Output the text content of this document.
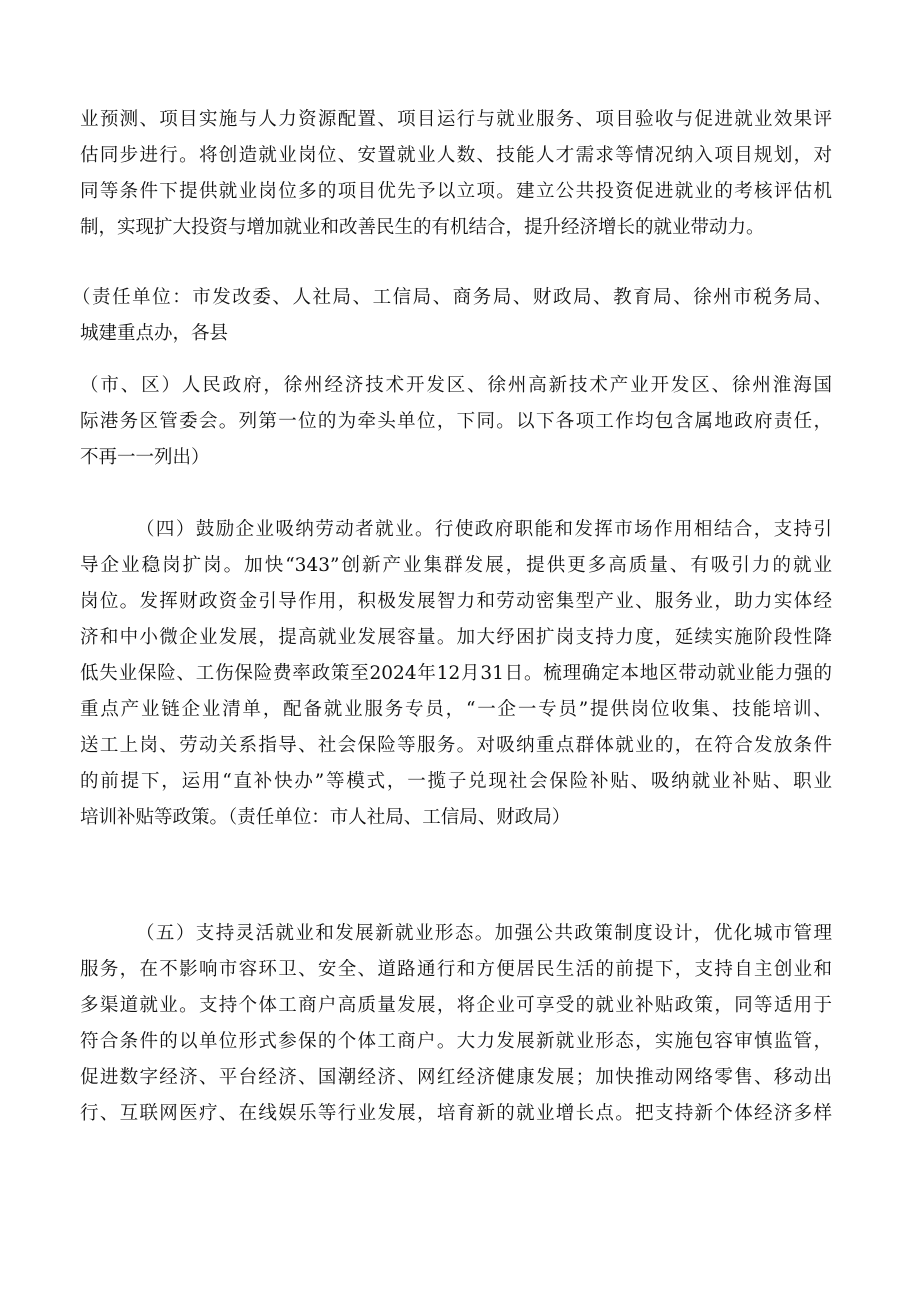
业预测、项目实施与人力资源配置、项目运行与就业服务、项目验收与促进就业效果评
估同步进行。将创造就业岗位、安置就业人数、技能人才需求等情况纳入项目规划，对
同等条件下提供就业岗位多的项目优先予以立项。建立公共投资促进就业的考核评估机
制，实现扩大投资与增加就业和改善民生的有机结合，提升经济增长的就业带动力。
（责任单位：市发改委、人社局、工信局、商务局、财政局、教育局、徐州市税务局、
城建重点办，各县
（市、区）人民政府，徐州经济技术开发区、徐州高新技术产业开发区、徐州淮海国
际港务区管委会。列第一位的为牵头单位，下同。以下各项工作均包含属地政府责任，
不再一一列出）
（四）鼓励企业吸纳劳动者就业。行使政府职能和发挥市场作用相结合，支持引
导企业稳岗扩岗。加快“343”创新产业集群发展，提供更多高质量、有吸引力的就业
岗位。发挥财政资金引导作用，积极发展智力和劳动密集型产业、服务业，助力实体经
济和中小微企业发展，提高就业发展容量。加大纾困扩岗支持力度，延续实施阶段性降
低失业保险、工伤保险费率政策至2024年12月31日。梳理确定本地区带动就业能力强的
重点产业链企业清单，配备就业服务专员，“一企一专员”提供岗位收集、技能培训、
送工上岗、劳动关系指导、社会保险等服务。对吸纳重点群体就业的，在符合发放条件
的前提下，运用“直补快办”等模式，一揽子兑现社会保险补贴、吸纳就业补贴、职业
培训补贴等政策。（责任单位：市人社局、工信局、财政局）
（五）支持灵活就业和发展新就业形态。加强公共政策制度设计，优化城市管理
服务，在不影响市容环卫、安全、道路通行和方便居民生活的前提下，支持自主创业和
多渠道就业。支持个体工商户高质量发展，将企业可享受的就业补贴政策，同等适用于
符合条件的以单位形式参保的个体工商户。大力发展新就业形态，实施包容审慎监管，
促进数字经济、平台经济、国潮经济、网红经济健康发展；加快推动网络零售、移动出
行、互联网医疗、在线娱乐等行业发展，培育新的就业增长点。把支持新个体经济多样
